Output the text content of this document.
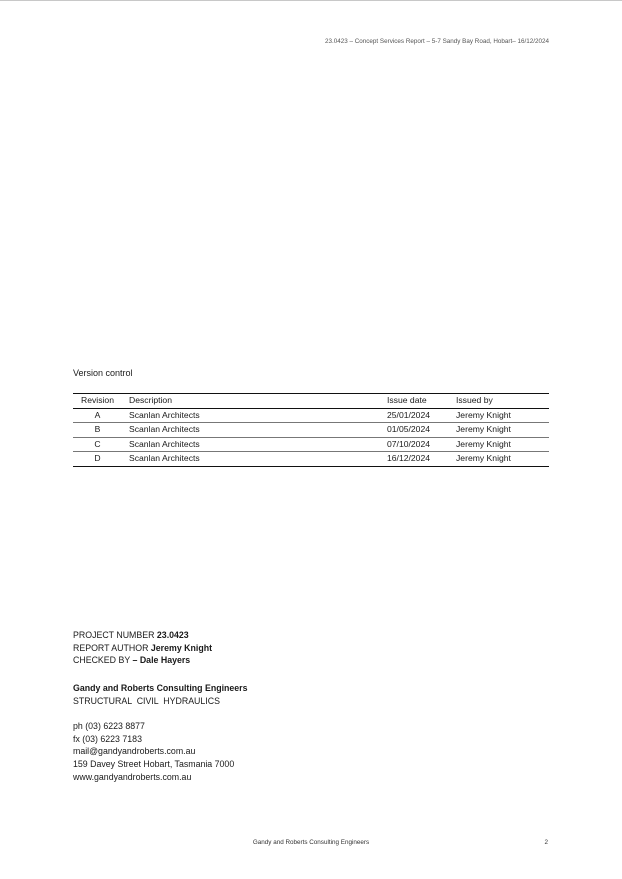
23.0423 – Concept Services Report – 5-7 Sandy Bay Road, Hobart– 16/12/2024
Version control
Revision	Description	Issue date	Issued by
A	Scanlan Architects	25/01/2024	Jeremy Knight
B	Scanlan Architects	01/05/2024	Jeremy Knight
C	Scanlan Architects	07/10/2024	Jeremy Knight
D	Scanlan Architects	16/12/2024	Jeremy Knight
PROJECT NUMBER 23.0423
REPORT AUTHOR Jeremy Knight
CHECKED BY – Dale Hayers
Gandy and Roberts Consulting Engineers
STRUCTURAL  CIVIL  HYDRAULICS
ph (03) 6223 8877
fx (03) 6223 7183
mail@gandyandroberts.com.au
159 Davey Street Hobart, Tasmania 7000
www.gandyandroberts.com.au
Gandy and Roberts Consulting Engineers	2
